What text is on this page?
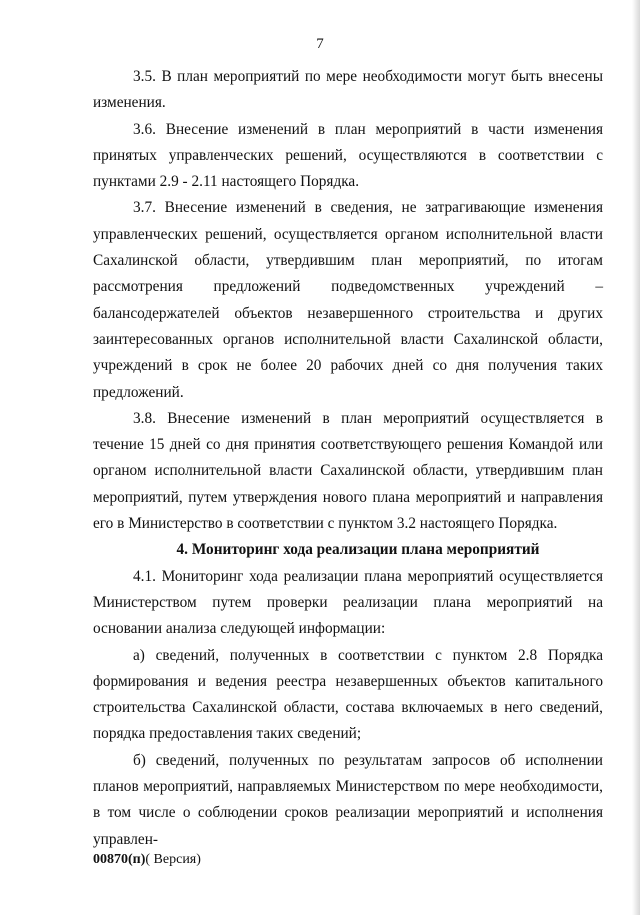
7

3.5. В план мероприятий по мере необходимости могут быть внесены изменения.

3.6. Внесение изменений в план мероприятий в части изменения принятых управленческих решений, осуществляются в соответствии с пунктами 2.9 - 2.11 настоящего Порядка.

3.7. Внесение изменений в сведения, не затрагивающие изменения управленческих решений, осуществляется органом исполнительной власти Сахалинской области, утвердившим план мероприятий, по итогам рассмотрения предложений подведомственных учреждений – балансодержателей объектов незавершенного строительства и других заинтересованных органов исполнительной власти Сахалинской области, учреждений в срок не более 20 рабочих дней со дня получения таких предложений.

3.8. Внесение изменений в план мероприятий осуществляется в течение 15 дней со дня принятия соответствующего решения Командой или органом исполнительной власти Сахалинской области, утвердившим план мероприятий, путем утверждения нового плана мероприятий и направления его в Министерство в соответствии с пунктом 3.2 настоящего Порядка.

4. Мониторинг хода реализации плана мероприятий

4.1. Мониторинг хода реализации плана мероприятий осуществляется Министерством путем проверки реализации плана мероприятий на основании анализа следующей информации:

а) сведений, полученных в соответствии с пунктом 2.8 Порядка формирования и ведения реестра незавершенных объектов капитального строительства Сахалинской области, состава включаемых в него сведений, порядка предоставления таких сведений;

б) сведений, полученных по результатам запросов об исполнении планов мероприятий, направляемых Министерством по мере необходимости, в том числе о соблюдении сроков реализации мероприятий и исполнения управлен-

00870(п)( Версия)
